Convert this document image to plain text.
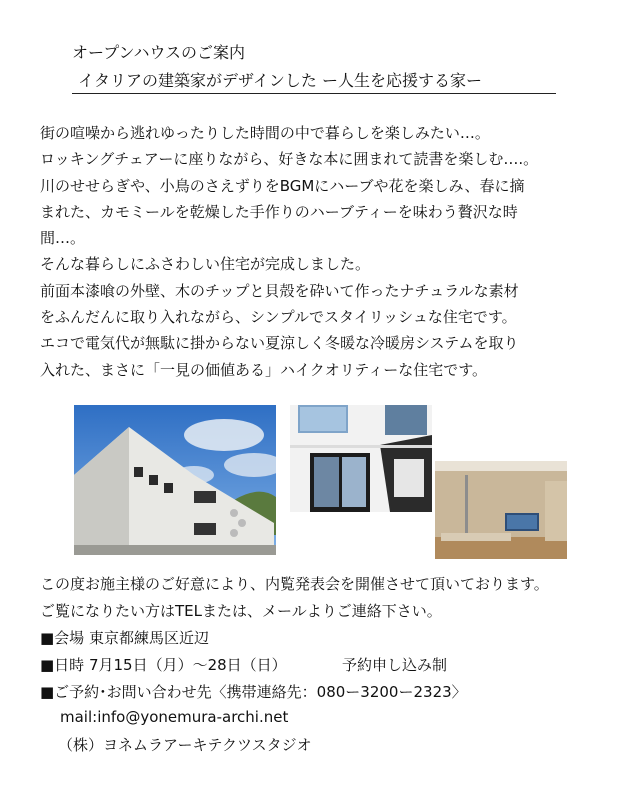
オープンハウスのご案内
イタリアの建築家がデザインした ー人生を応援する家ー
街の喧噪から逃れゆったりした時間の中で暮らしを楽しみたい…。
ロッキングチェアーに座りながら、好きな本に囲まれて読書を楽しむ….。
川のせせらぎや、小鳥のさえずりをBGMにハーブや花を楽しみ、春に摘
まれた、カモミールを乾燥した手作りのハーブティーを味わう贅沢な時
間…。
そんな暮らしにふさわしい住宅が完成しました。
前面本漆喰の外壁、木のチップと貝殻を砕いて作ったナチュラルな素材
をふんだんに取り入れながら、シンプルでスタイリッシュな住宅です。
エコで電気代が無駄に掛からない夏涼しく冬暖な冷暖房システムを取り
入れた、まさに「一見の価値ある」ハイクオリティーな住宅です。
この度お施主様のご好意により、内覧発表会を開催させて頂いております。
ご覧になりたい方はTELまたは、メールよりご連絡下さい。
■会場 東京都練馬区近辺
■日時 7月15日（月）～28日（日）	予約申し込み制
■ご予約･お問い合わせ先〈携帯連絡先：080ー3200ー2323〉
mail:info@yonemura-archi.net
（株）ヨネムラアーキテクツスタジオ
